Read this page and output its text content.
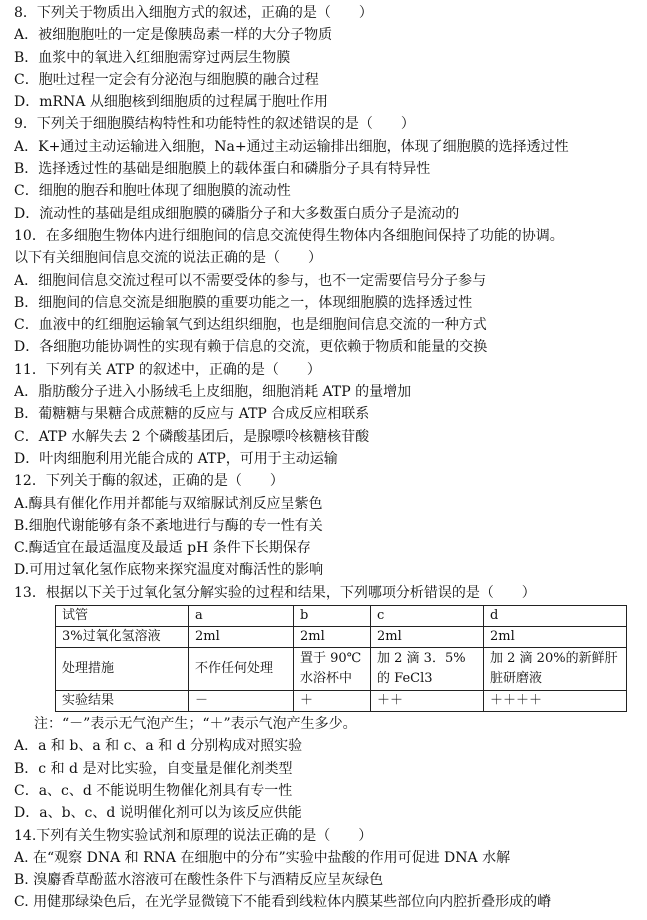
8．下列关于物质出入细胞方式的叙述，正确的是（　　）
A．被细胞胞吐的一定是像胰岛素一样的大分子物质
B．血浆中的氧进入红细胞需穿过两层生物膜
C．胞吐过程一定会有分泌泡与细胞膜的融合过程
D．mRNA 从细胞核到细胞质的过程属于胞吐作用
9．下列关于细胞膜结构特性和功能特性的叙述错误的是（　　）
A．K+通过主动运输进入细胞，Na+通过主动运输排出细胞，体现了细胞膜的选择透过性
B．选择透过性的基础是细胞膜上的载体蛋白和磷脂分子具有特异性
C．细胞的胞吞和胞吐体现了细胞膜的流动性
D．流动性的基础是组成细胞膜的磷脂分子和大多数蛋白质分子是流动的
10．在多细胞生物体内进行细胞间的信息交流使得生物体内各细胞间保持了功能的协调。
以下有关细胞间信息交流的说法正确的是（　　）
A．细胞间信息交流过程可以不需要受体的参与，也不一定需要信号分子参与
B．细胞间的信息交流是细胞膜的重要功能之一，体现细胞膜的选择透过性
C．血液中的红细胞运输氧气到达组织细胞，也是细胞间信息交流的一种方式
D．各细胞功能协调性的实现有赖于信息的交流，更依赖于物质和能量的交换
11．下列有关 ATP 的叙述中，正确的是（　　）
A．脂肪酸分子进入小肠绒毛上皮细胞，细胞消耗 ATP 的量增加
B．葡糖糖与果糖合成蔗糖的反应与 ATP 合成反应相联系
C．ATP 水解失去 2 个磷酸基团后，是腺嘌呤核糖核苷酸
D．叶肉细胞利用光能合成的 ATP，可用于主动运输
12．下列关于酶的叙述，正确的是（　　）
A.酶具有催化作用并都能与双缩脲试剂反应呈紫色
B.细胞代谢能够有条不紊地进行与酶的专一性有关
C.酶适宜在最适温度及最适 pH 条件下长期保存
D.可用过氧化氢作底物来探究温度对酶活性的影响
13．根据以下关于过氧化氢分解实验的过程和结果，下列哪项分析错误的是（　　）
试管	a	b	c	d
3%过氧化氢溶液	2ml	2ml	2ml	2ml
处理措施	不作任何处理	置于 90℃ 水浴杯中	加 2 滴 3．5%的 FeCl3	加 2 滴 20%的新鲜肝脏研磨液
实验结果	－	＋	＋＋	＋＋＋＋
注：“－”表示无气泡产生；“＋”表示气泡产生多少。
A．a 和 b、a 和 c、a 和 d 分别构成对照实验
B．c 和 d 是对比实验，自变量是催化剂类型
C．a、c、d 不能说明生物催化剂具有专一性
D．a、b、c、d 说明催化剂可以为该反应供能
14.下列有关生物实验试剂和原理的说法正确的是（　　）
A. 在“观察 DNA 和 RNA 在细胞中的分布”实验中盐酸的作用可促进 DNA 水解
B. 溴麝香草酚蓝水溶液可在酸性条件下与酒精反应呈灰绿色
C. 用健那绿染色后，在光学显微镜下不能看到线粒体内膜某些部位向内腔折叠形成的嵴
